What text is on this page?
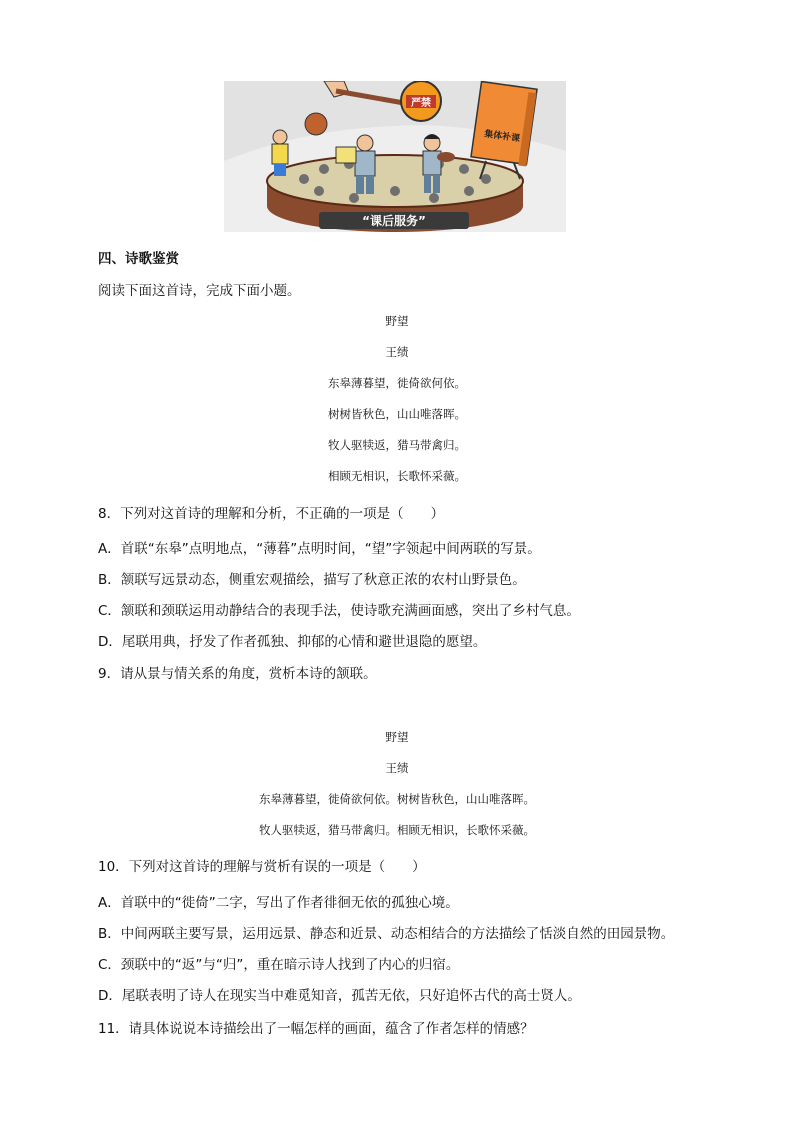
“课后服务”
严禁
集体补课
四、诗歌鉴赏
阅读下面这首诗，完成下面小题。
野望
王绩
东皋薄暮望，徙倚欲何依。
树树皆秋色，山山唯落晖。
牧人驱犊返，猎马带禽归。
相顾无相识，长歌怀采薇。
8．下列对这首诗的理解和分析，不正确的一项是（　　）
A．首联“东皋”点明地点，“薄暮”点明时间，“望”字领起中间两联的写景。
B．颔联写远景动态，侧重宏观描绘，描写了秋意正浓的农村山野景色。
C．颔联和颈联运用动静结合的表现手法，使诗歌充满画面感，突出了乡村气息。
D．尾联用典，抒发了作者孤独、抑郁的心情和避世退隐的愿望。
9．请从景与情关系的角度，赏析本诗的颔联。
野望
王绩
东皋薄暮望，徙倚欲何依。树树皆秋色，山山唯落晖。
牧人驱犊返，猎马带禽归。相顾无相识，长歌怀采薇。
10．下列对这首诗的理解与赏析有误的一项是（　　）
A．首联中的“徙倚”二字，写出了作者徘徊无依的孤独心境。
B．中间两联主要写景，运用远景、静态和近景、动态相结合的方法描绘了恬淡自然的田园景物。
C．颈联中的“返”与“归”，重在暗示诗人找到了内心的归宿。
D．尾联表明了诗人在现实当中难觅知音，孤苦无依，只好追怀古代的高士贤人。
11．请具体说说本诗描绘出了一幅怎样的画面，蕴含了作者怎样的情感？
